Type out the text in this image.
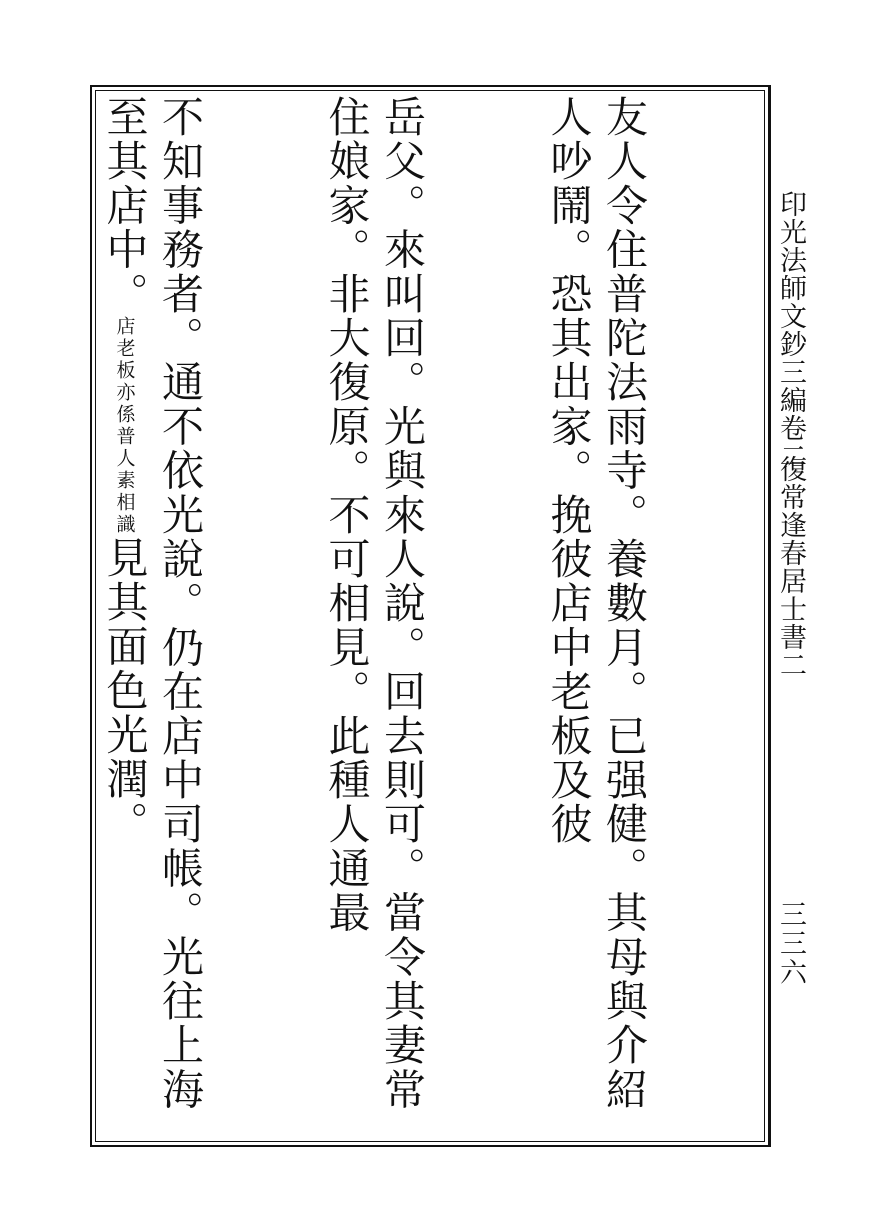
印光法師文鈔三編卷二
復常逢春居士書二
三三六

友人令住普陀法雨寺。養數月。已强健。其母與介紹人吵鬧。恐其出家。挽彼店中老板及彼

岳父。來叫回。光與來人說。回去則可。當令其妻常住娘家。非大復原。不可相見。此種人通最

不知事務者。通不依光說。仍在店中司帳。光往上海至其店中。店老板亦係普人素相識見其面色光潤。
